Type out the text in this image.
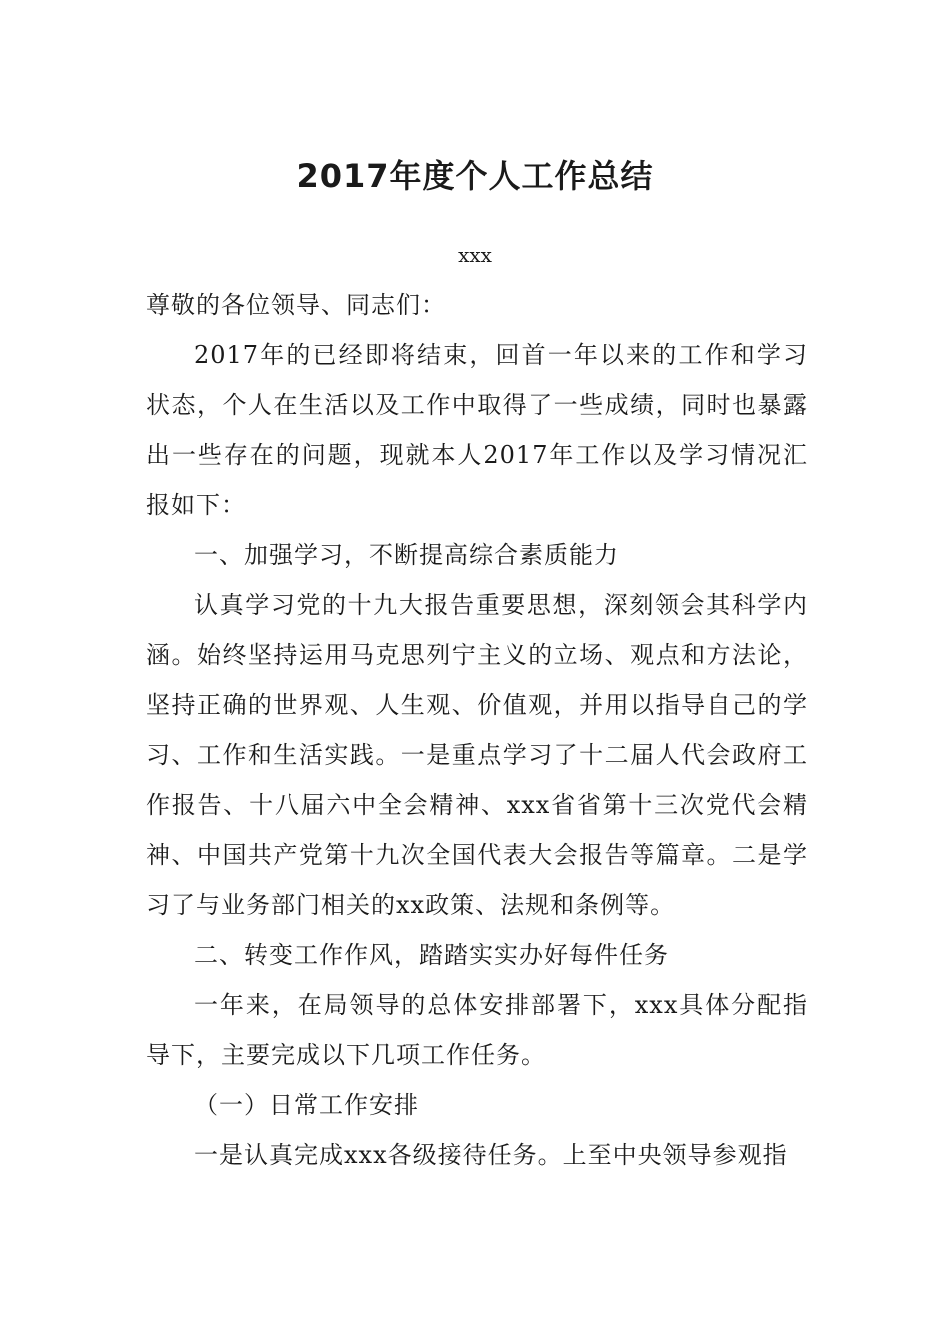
2017年度个人工作总结
xxx

尊敬的各位领导、同志们：

2017年的已经即将结束，回首一年以来的工作和学习状态，个人在生活以及工作中取得了一些成绩，同时也暴露出一些存在的问题，现就本人2017年工作以及学习情况汇报如下：

一、加强学习，不断提高综合素质能力

认真学习党的十九大报告重要思想，深刻领会其科学内涵。始终坚持运用马克思列宁主义的立场、观点和方法论，坚持正确的世界观、人生观、价值观，并用以指导自己的学习、工作和生活实践。一是重点学习了十二届人代会政府工作报告、十八届六中全会精神、xxx省省第十三次党代会精神、中国共产党第十九次全国代表大会报告等篇章。二是学习了与业务部门相关的xx政策、法规和条例等。

二、转变工作作风，踏踏实实办好每件任务

一年来，在局领导的总体安排部署下，xxx具体分配指导下，主要完成以下几项工作任务。

（一）日常工作安排

一是认真完成xxx各级接待任务。上至中央领导参观指
